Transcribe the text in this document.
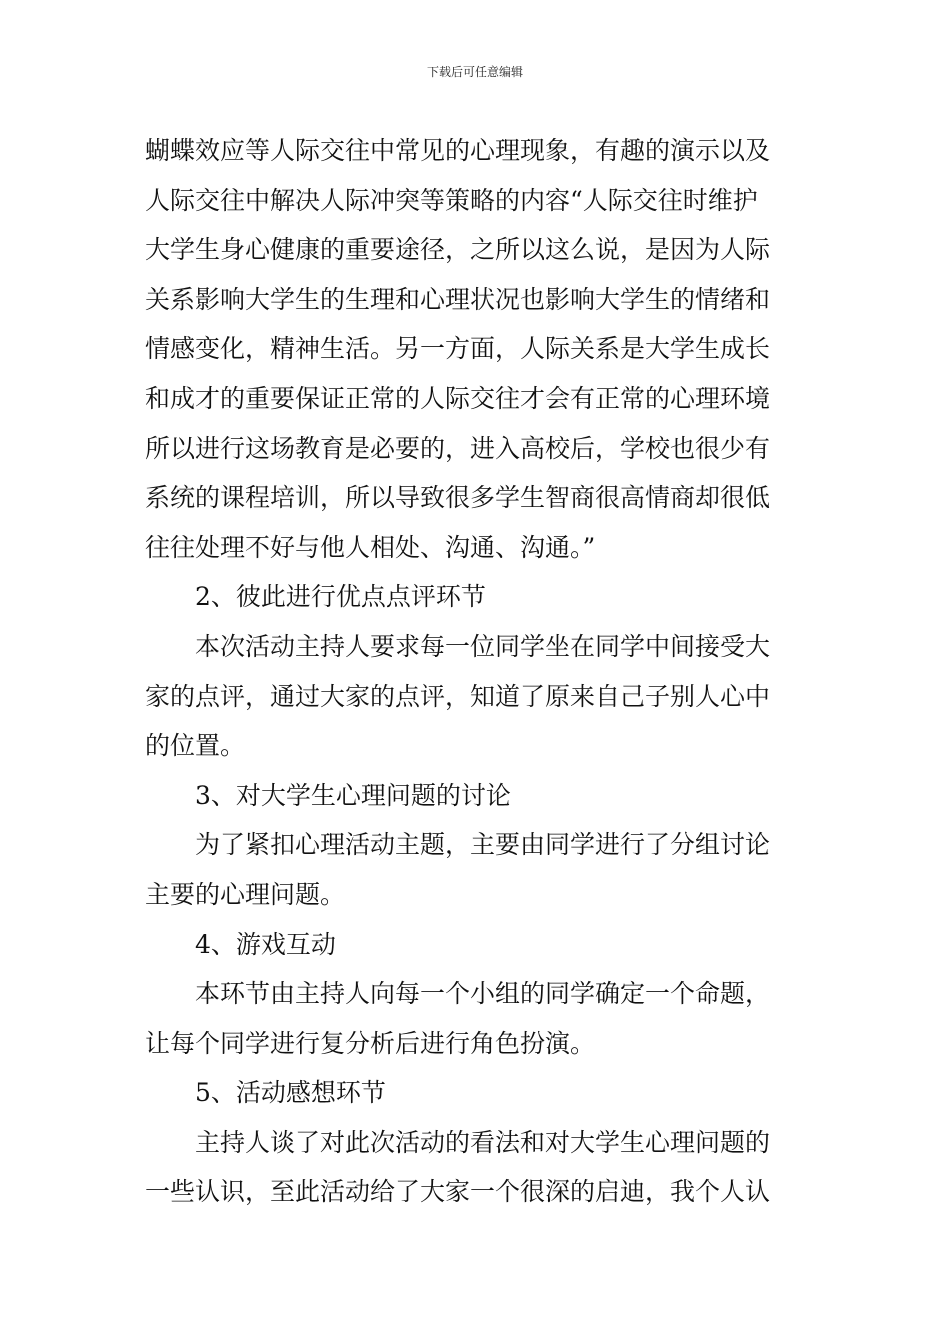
下载后可任意编辑
蝴蝶效应等人际交往中常见的心理现象，有趣的演示以及
人际交往中解决人际冲突等策略的内容“人际交往时维护
大学生身心健康的重要途径，之所以这么说，是因为人际
关系影响大学生的生理和心理状况也影响大学生的情绪和
情感变化，精神生活。另一方面，人际关系是大学生成长
和成才的重要保证正常的人际交往才会有正常的心理环境
所以进行这场教育是必要的，进入高校后，学校也很少有
系统的课程培训，所以导致很多学生智商很高情商却很低
往往处理不好与他人相处、沟通、沟通。”
2、彼此进行优点点评环节
本次活动主持人要求每一位同学坐在同学中间接受大
家的点评，通过大家的点评，知道了原来自己子别人心中
的位置。
3、对大学生心理问题的讨论
为了紧扣心理活动主题，主要由同学进行了分组讨论
主要的心理问题。
4、游戏互动
本环节由主持人向每一个小组的同学确定一个命题，
让每个同学进行复分析后进行角色扮演。
5、活动感想环节
主持人谈了对此次活动的看法和对大学生心理问题的
一些认识，至此活动给了大家一个很深的启迪，我个人认
